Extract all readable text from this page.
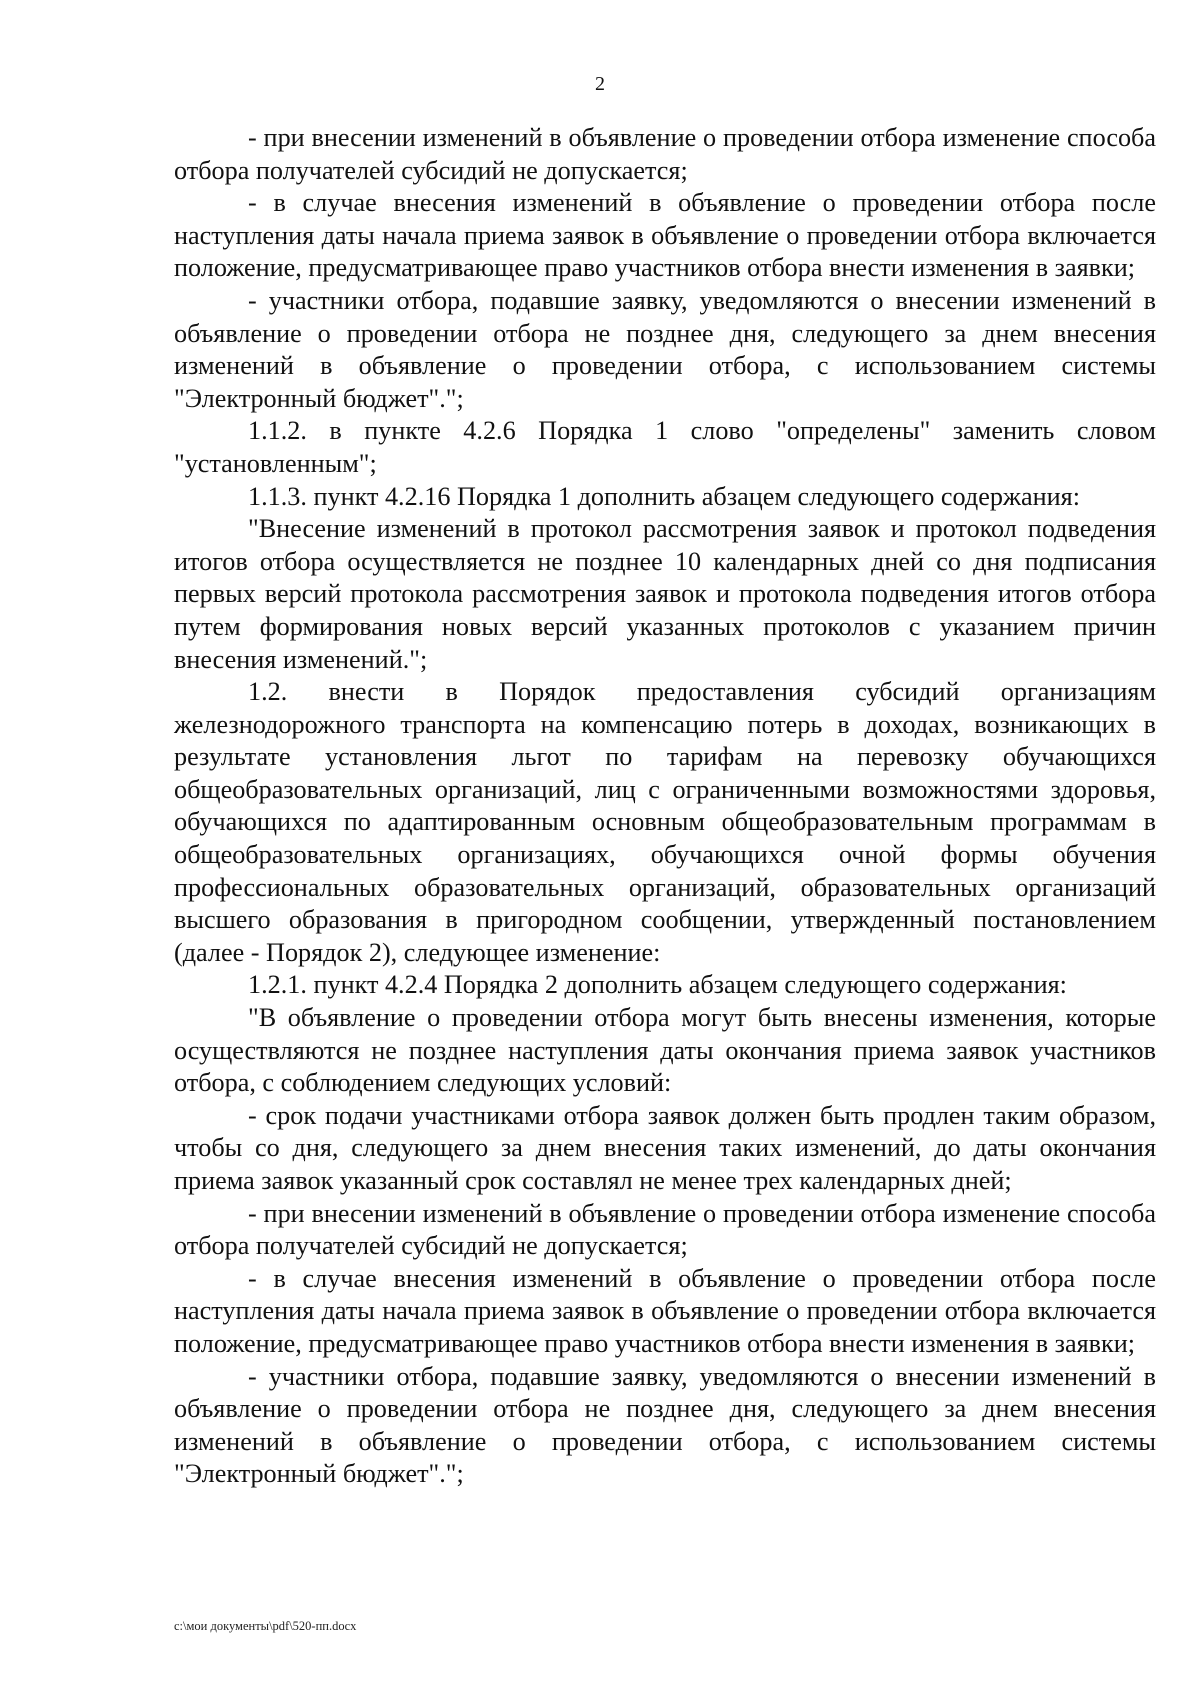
2

- при внесении изменений в объявление о проведении отбора изменение способа отбора получателей субсидий не допускается;

- в случае внесения изменений в объявление о проведении отбора после наступления даты начала приема заявок в объявление о проведении отбора включается положение, предусматривающее право участников отбора внести изменения в заявки;

- участники отбора, подавшие заявку, уведомляются о внесении изменений в объявление о проведении отбора не позднее дня, следующего за днем внесения изменений в объявление о проведении отбора, с использованием системы "Электронный бюджет".";

1.1.2. в пункте 4.2.6 Порядка 1 слово "определены" заменить словом "установленным";

1.1.3. пункт 4.2.16 Порядка 1 дополнить абзацем следующего содержания:

"Внесение изменений в протокол рассмотрения заявок и протокол подведения итогов отбора осуществляется не позднее 10 календарных дней со дня подписания первых версий протокола рассмотрения заявок и протокола подведения итогов отбора путем формирования новых версий указанных протоколов с указанием причин внесения изменений.";

1.2. внести в Порядок предоставления субсидий организациям железнодорожного транспорта на компенсацию потерь в доходах, возникающих в результате установления льгот по тарифам на перевозку обучающихся общеобразовательных организаций, лиц с ограниченными возможностями здоровья, обучающихся по адаптированным основным общеобразовательным программам в общеобразовательных организациях, обучающихся очной формы обучения профессиональных образовательных организаций, образовательных организаций высшего образования в пригородном сообщении, утвержденный постановлением (далее - Порядок 2), следующее изменение:

1.2.1. пункт 4.2.4 Порядка 2 дополнить абзацем следующего содержания:

"В объявление о проведении отбора могут быть внесены изменения, которые осуществляются не позднее наступления даты окончания приема заявок участников отбора, с соблюдением следующих условий:

- срок подачи участниками отбора заявок должен быть продлен таким образом, чтобы со дня, следующего за днем внесения таких изменений, до даты окончания приема заявок указанный срок составлял не менее трех календарных дней;

- при внесении изменений в объявление о проведении отбора изменение способа отбора получателей субсидий не допускается;

- в случае внесения изменений в объявление о проведении отбора после наступления даты начала приема заявок в объявление о проведении отбора включается положение, предусматривающее право участников отбора внести изменения в заявки;

- участники отбора, подавшие заявку, уведомляются о внесении изменений в объявление о проведении отбора не позднее дня, следующего за днем внесения изменений в объявление о проведении отбора, с использованием системы "Электронный бюджет".";

c:\мои документы\pdf\520-пп.docx
